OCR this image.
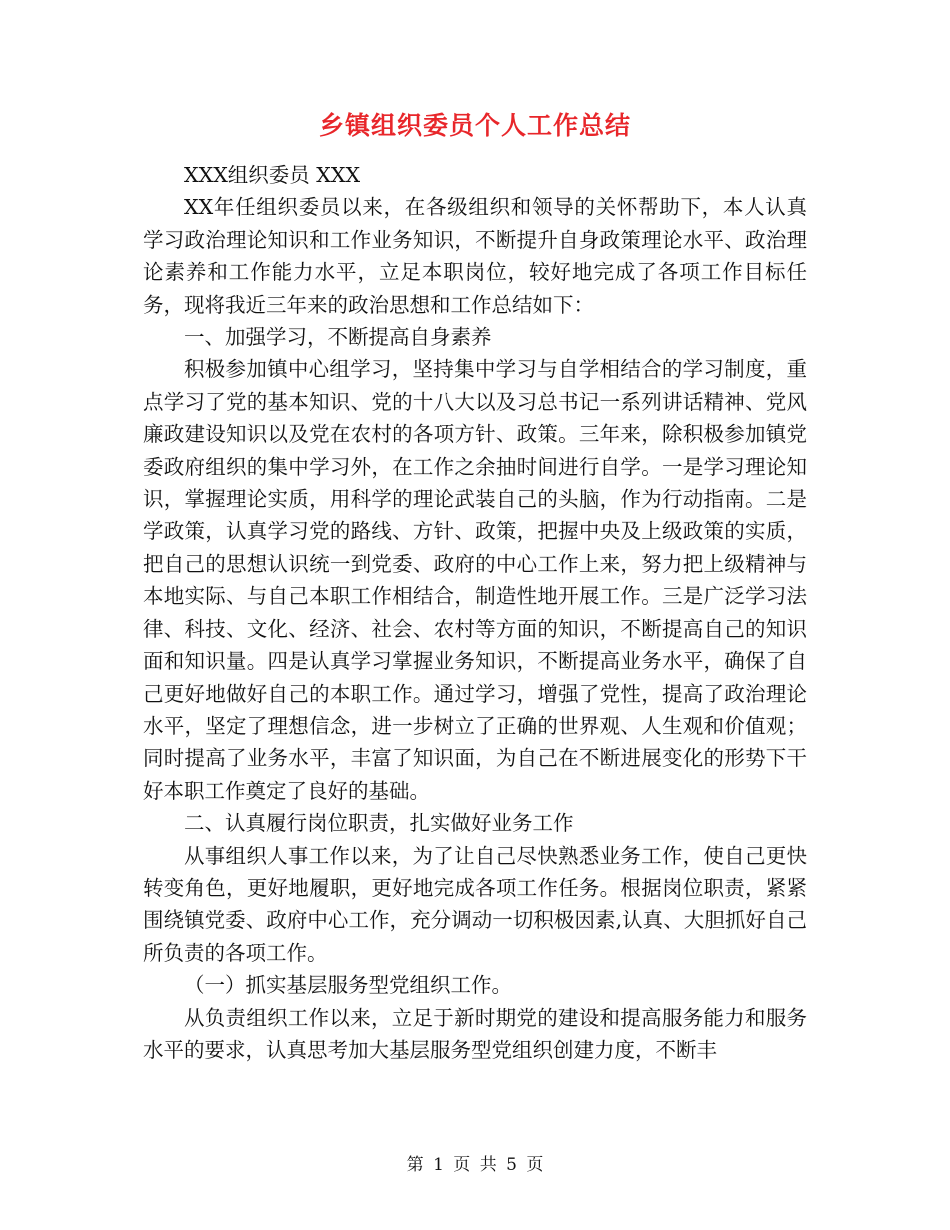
乡镇组织委员个人工作总结

XXX组织委员 XXX

XX年任组织委员以来，在各级组织和领导的关怀帮助下，本人认真学习政治理论知识和工作业务知识，不断提升自身政策理论水平、政治理论素养和工作能力水平，立足本职岗位，较好地完成了各项工作目标任务，现将我近三年来的政治思想和工作总结如下：

一、加强学习，不断提高自身素养

积极参加镇中心组学习，坚持集中学习与自学相结合的学习制度，重点学习了党的基本知识、党的十八大以及习总书记一系列讲话精神、党风廉政建设知识以及党在农村的各项方针、政策。三年来，除积极参加镇党委政府组织的集中学习外，在工作之余抽时间进行自学。一是学习理论知识，掌握理论实质，用科学的理论武装自己的头脑，作为行动指南。二是学政策，认真学习党的路线、方针、政策，把握中央及上级政策的实质，把自己的思想认识统一到党委、政府的中心工作上来，努力把上级精神与本地实际、与自己本职工作相结合，制造性地开展工作。三是广泛学习法律、科技、文化、经济、社会、农村等方面的知识，不断提高自己的知识面和知识量。四是认真学习掌握业务知识，不断提高业务水平，确保了自己更好地做好自己的本职工作。通过学习，增强了党性，提高了政治理论水平，坚定了理想信念，进一步树立了正确的世界观、人生观和价值观；同时提高了业务水平，丰富了知识面，为自己在不断进展变化的形势下干好本职工作奠定了良好的基础。

二、认真履行岗位职责，扎实做好业务工作

从事组织人事工作以来，为了让自己尽快熟悉业务工作，使自己更快转变角色，更好地履职，更好地完成各项工作任务。根据岗位职责，紧紧围绕镇党委、政府中心工作，充分调动一切积极因素,认真、大胆抓好自己所负责的各项工作。

（一）抓实基层服务型党组织工作。

从负责组织工作以来，立足于新时期党的建设和提高服务能力和服务水平的要求，认真思考加大基层服务型党组织创建力度，不断丰

第 1 页 共 5 页
